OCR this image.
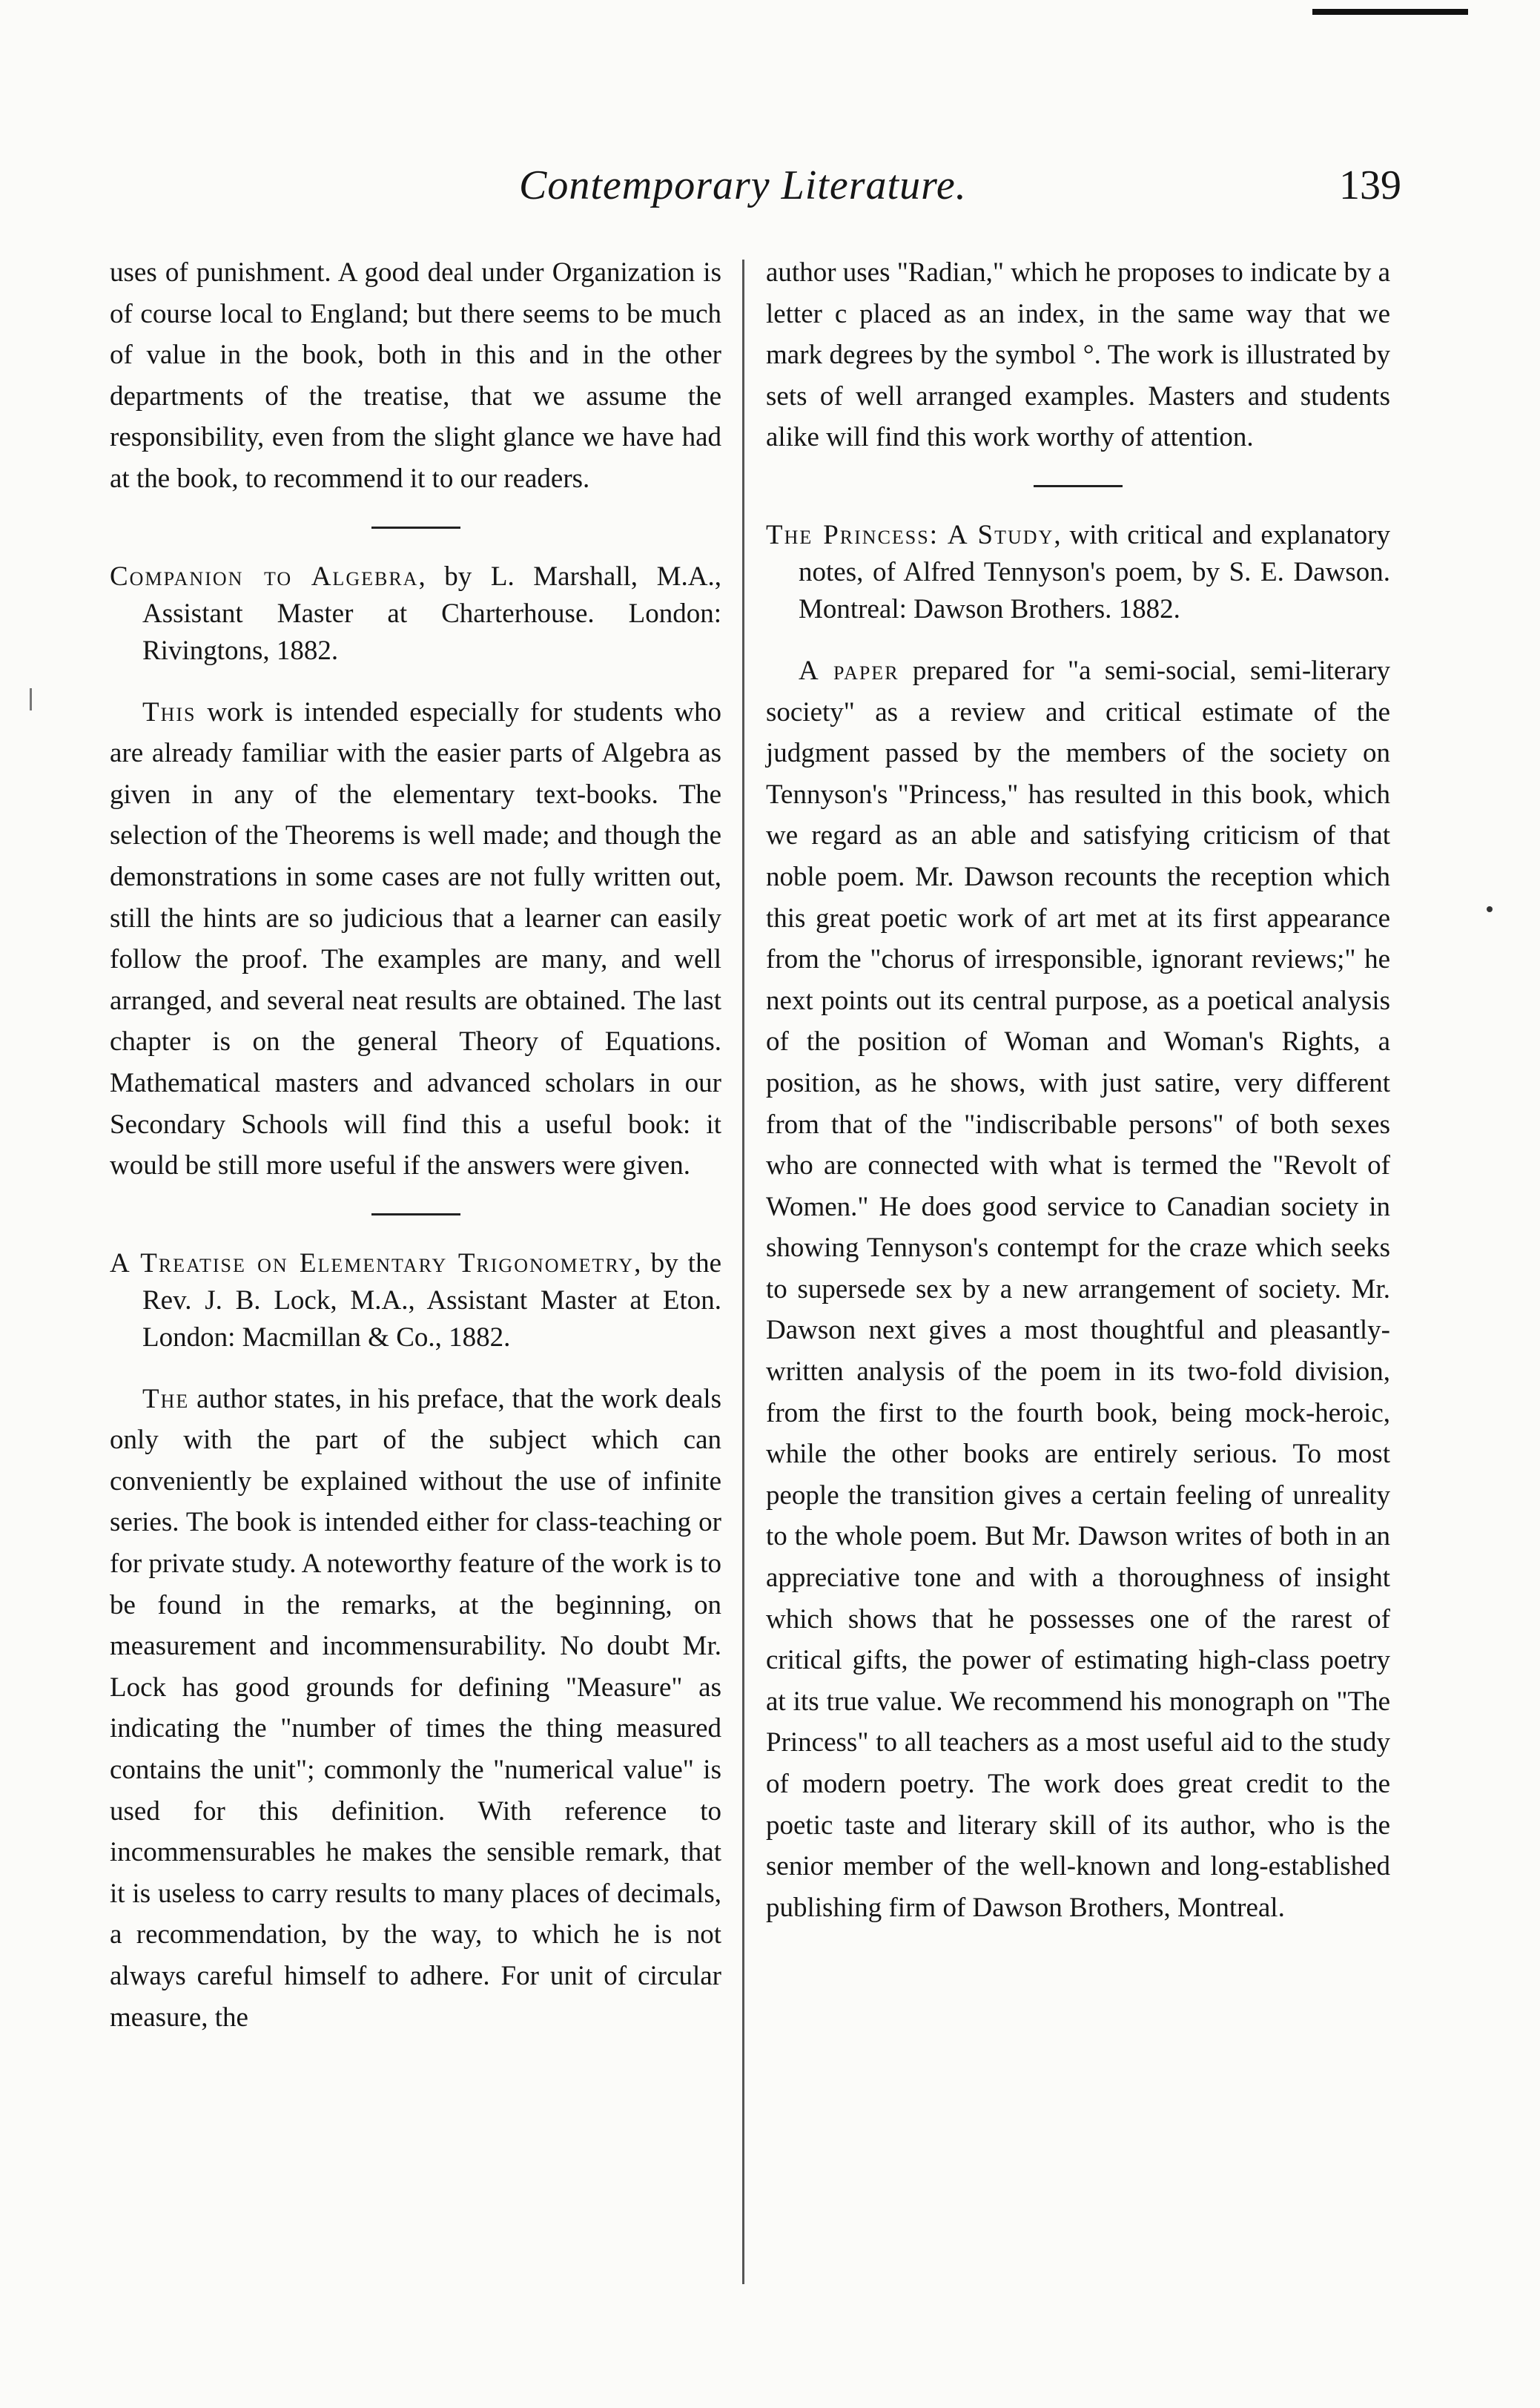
Contemporary Literature.	139

uses of punishment. A good deal under Organization is of course local to England; but there seems to be much of value in the book, both in this and in the other departments of the treatise, that we assume the responsibility, even from the slight glance we have had at the book, to recommend it to our readers.

Companion to Algebra, by L. Marshall, M.A., Assistant Master at Charterhouse. London: Rivingtons, 1882.

This work is intended especially for students who are already familiar with the easier parts of Algebra as given in any of the elementary text-books. The selection of the Theorems is well made; and though the demonstrations in some cases are not fully written out, still the hints are so judicious that a learner can easily follow the proof. The examples are many, and well arranged, and several neat results are obtained. The last chapter is on the general Theory of Equations. Mathematical masters and advanced scholars in our Secondary Schools will find this a useful book: it would be still more useful if the answers were given.

A Treatise on Elementary Trigonometry, by the Rev. J. B. Lock, M.A., Assistant Master at Eton. London: Macmillan & Co., 1882.

The author states, in his preface, that the work deals only with the part of the subject which can conveniently be explained without the use of infinite series. The book is intended either for class-teaching or for private study. A noteworthy feature of the work is to be found in the remarks, at the beginning, on measurement and incommensurability. No doubt Mr. Lock has good grounds for defining "Measure" as indicating the "number of times the thing measured contains the unit"; commonly the "numerical value" is used for this definition. With reference to incommensurables he makes the sensible remark, that it is useless to carry results to many places of decimals, a recommendation, by the way, to which he is not always careful himself to adhere. For unit of circular measure, the

author uses "Radian," which he proposes to indicate by a letter c placed as an index, in the same way that we mark degrees by the symbol °. The work is illustrated by sets of well arranged examples. Masters and students alike will find this work worthy of attention.

The Princess: A Study, with critical and explanatory notes, of Alfred Tennyson's poem, by S. E. Dawson. Montreal: Dawson Brothers. 1882.

A paper prepared for "a semi-social, semi-literary society" as a review and critical estimate of the judgment passed by the members of the society on Tennyson's "Princess," has resulted in this book, which we regard as an able and satisfying criticism of that noble poem. Mr. Dawson recounts the reception which this great poetic work of art met at its first appearance from the "chorus of irresponsible, ignorant reviews;" he next points out its central purpose, as a poetical analysis of the position of Woman and Woman's Rights, a position, as he shows, with just satire, very different from that of the "indiscribable persons" of both sexes who are connected with what is termed the "Revolt of Women." He does good service to Canadian society in showing Tennyson's contempt for the craze which seeks to supersede sex by a new arrangement of society. Mr. Dawson next gives a most thoughtful and pleasantly-written analysis of the poem in its two-fold division, from the first to the fourth book, being mock-heroic, while the other books are entirely serious. To most people the transition gives a certain feeling of unreality to the whole poem. But Mr. Dawson writes of both in an appreciative tone and with a thoroughness of insight which shows that he possesses one of the rarest of critical gifts, the power of estimating high-class poetry at its true value. We recommend his monograph on "The Princess" to all teachers as a most useful aid to the study of modern poetry. The work does great credit to the poetic taste and literary skill of its author, who is the senior member of the well-known and long-established publishing firm of Dawson Brothers, Montreal.
